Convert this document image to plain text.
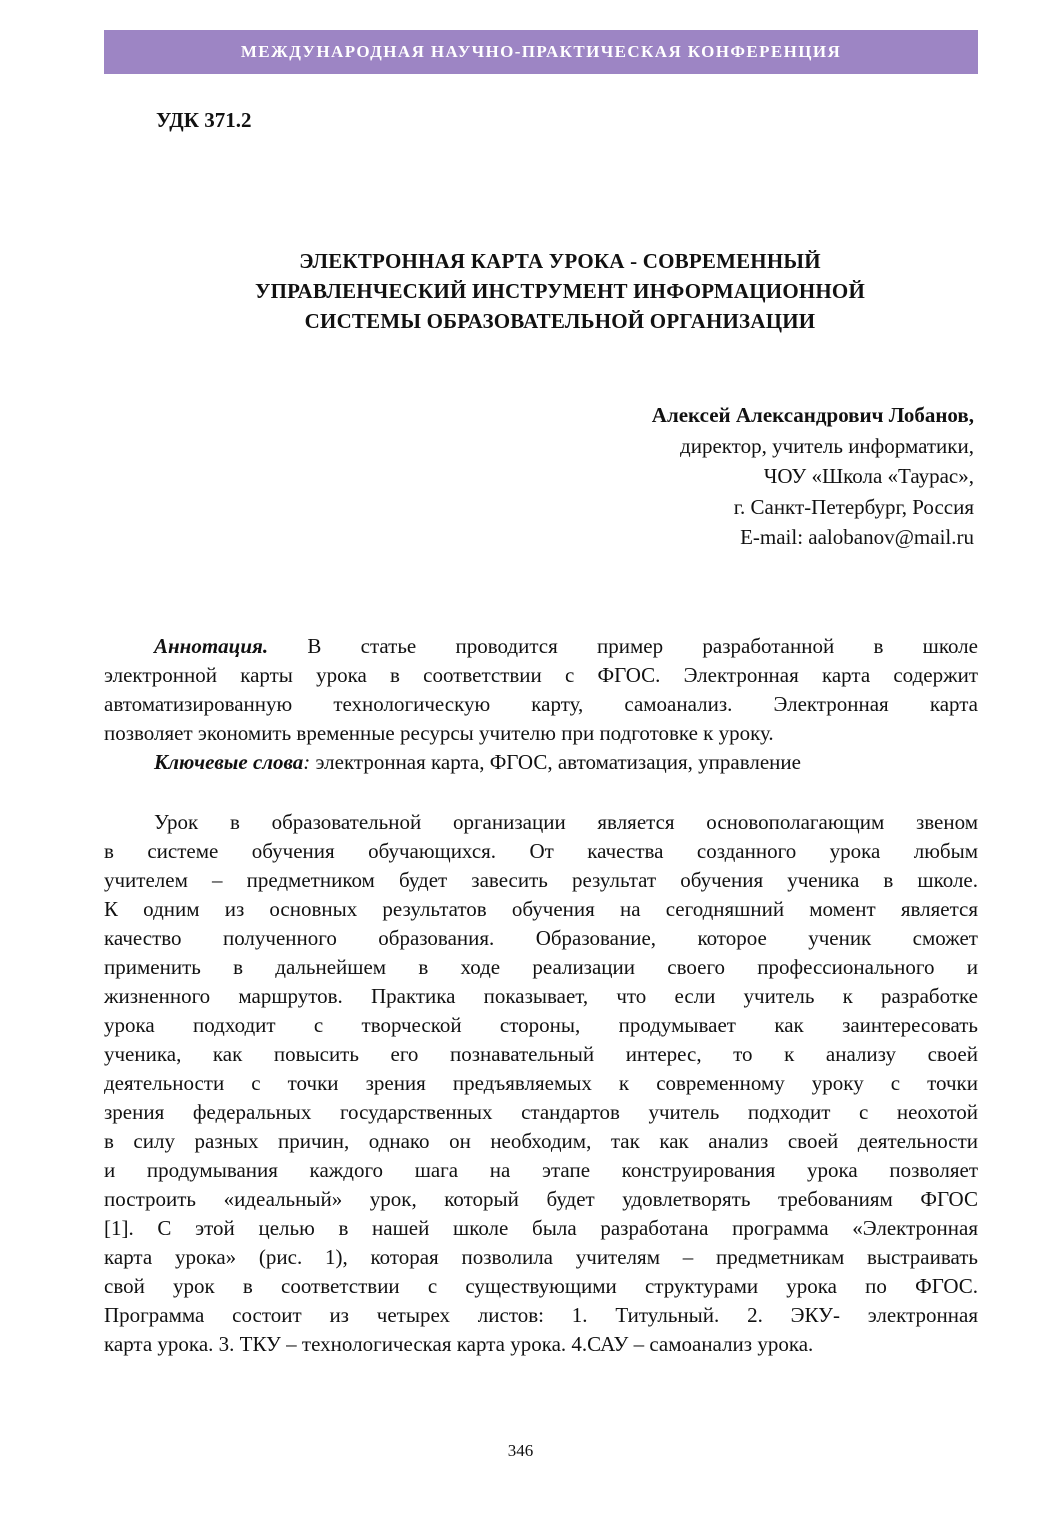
МЕЖДУНАРОДНАЯ НАУЧНО-ПРАКТИЧЕСКАЯ КОНФЕРЕНЦИЯ
УДК 371.2
ЭЛЕКТРОННАЯ КАРТА УРОКА - СОВРЕМЕННЫЙ
УПРАВЛЕНЧЕСКИЙ ИНСТРУМЕНТ ИНФОРМАЦИОННОЙ
СИСТЕМЫ ОБРАЗОВАТЕЛЬНОЙ ОРГАНИЗАЦИИ
Алексей Александрович Лобанов,
директор, учитель информатики,
ЧОУ «Школа «Таурас»,
г. Санкт-Петербург, Россия
E-mail: aalobanov@mail.ru
Аннотация. В статье проводится пример разработанной в школе
электронной карты урока в соответствии с ФГОС. Электронная карта содержит
автоматизированную технологическую карту, самоанализ. Электронная карта
позволяет экономить временные ресурсы учителю при подготовке к уроку.
Ключевые слова: электронная карта, ФГОС, автоматизация, управление
Урок в образовательной организации является основополагающим звеном
в системе обучения обучающихся. От качества созданного урока любым
учителем – предметником будет завесить результат обучения ученика в школе.
К одним из основных результатов обучения на сегодняшний момент является
качество полученного образования. Образование, которое ученик сможет
применить в дальнейшем в ходе реализации своего профессионального и
жизненного маршрутов. Практика показывает, что если учитель к разработке
урока подходит с творческой стороны, продумывает как заинтересовать
ученика, как повысить его познавательный интерес, то к анализу своей
деятельности с точки зрения предъявляемых к современному уроку с точки
зрения федеральных государственных стандартов учитель подходит с неохотой
в силу разных причин, однако он необходим, так как анализ своей деятельности
и продумывания каждого шага на этапе конструирования урока позволяет
построить «идеальный» урок, который будет удовлетворять требованиям ФГОС
[1]. С этой целью в нашей школе была разработана программа «Электронная
карта урока» (рис. 1), которая позволила учителям – предметникам выстраивать
свой урок в соответствии с существующими структурами урока по ФГОС.
Программа состоит из четырех листов: 1. Титульный. 2. ЭКУ- электронная
карта урока. 3. ТКУ – технологическая карта урока. 4.САУ – самоанализ урока.
346
